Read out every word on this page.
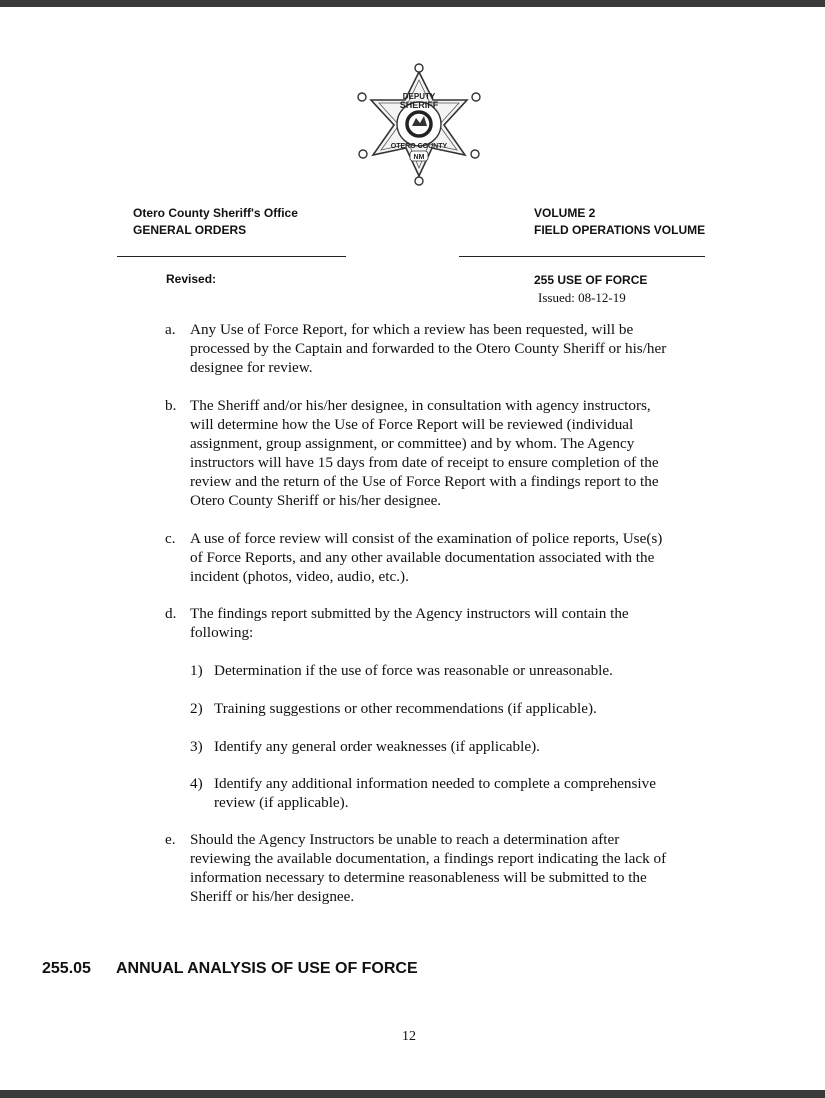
DEPUTY
SHERIFF
OTERO COUNTY
NM
Otero County Sheriff's Office
GENERAL ORDERS
VOLUME 2
FIELD OPERATIONS VOLUME
Revised:	255 USE OF FORCE
Issued: 08-12-19
a. Any Use of Force Report, for which a review has been requested, will be
processed by the Captain and forwarded to the Otero County Sheriff or his/her
designee for review.
b. The Sheriff and/or his/her designee, in consultation with agency instructors,
will determine how the Use of Force Report will be reviewed (individual
assignment, group assignment, or committee) and by whom. The Agency
instructors will have 15 days from date of receipt to ensure completion of the
review and the return of the Use of Force Report with a findings report to the
Otero County Sheriff or his/her designee.
c. A use of force review will consist of the examination of police reports, Use(s)
of Force Reports, and any other available documentation associated with the
incident (photos, video, audio, etc.).
d. The findings report submitted by the Agency instructors will contain the
following:
1) Determination if the use of force was reasonable or unreasonable.
2) Training suggestions or other recommendations (if applicable).
3) Identify any general order weaknesses (if applicable).
4) Identify any additional information needed to complete a comprehensive
review (if applicable).
e. Should the Agency Instructors be unable to reach a determination after
reviewing the available documentation, a findings report indicating the lack of
information necessary to determine reasonableness will be submitted to the
Sheriff or his/her designee.
255.05 ANNUAL ANALYSIS OF USE OF FORCE
12
